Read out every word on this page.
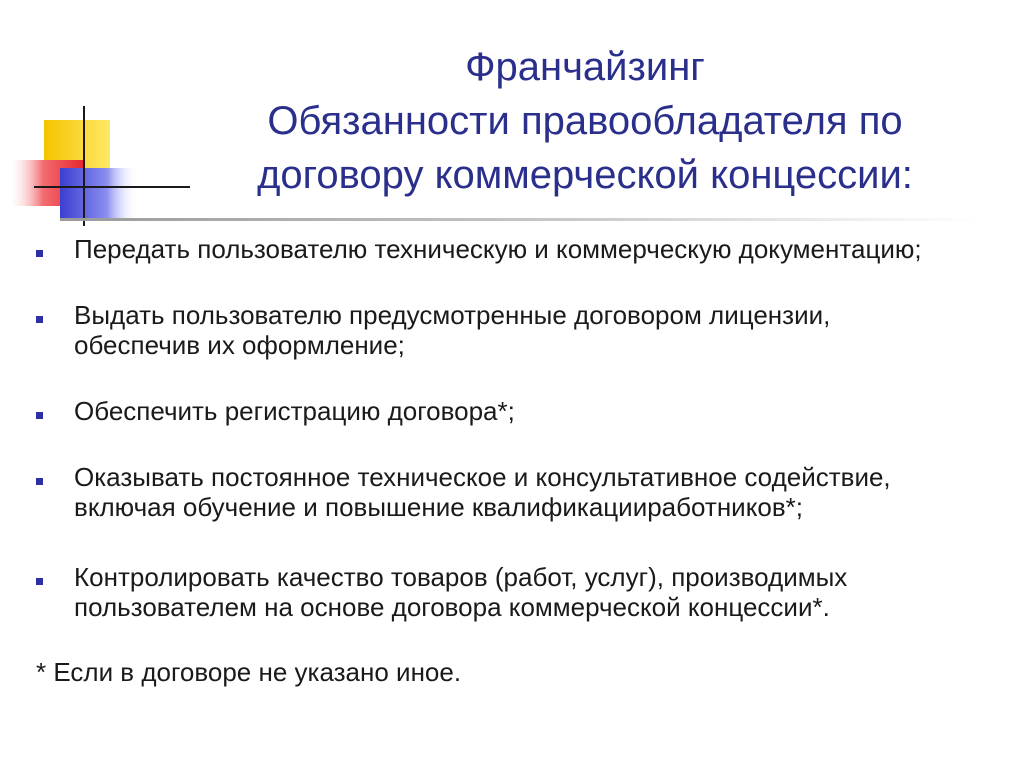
Франчайзинг
Обязанности правообладателя по
договору коммерческой концессии:
Передать пользователю техническую и коммерческую документацию;
Выдать пользователю предусмотренные договором лицензии,
обеспечив их оформление;
Обеспечить регистрацию договора*;
Оказывать постоянное техническое и консультативное содействие,
включая обучение и повышение квалификацииработников*;
Контролировать качество товаров (работ, услуг), производимых
пользователем на основе договора коммерческой концессии*.
* Если в договоре не указано иное.
